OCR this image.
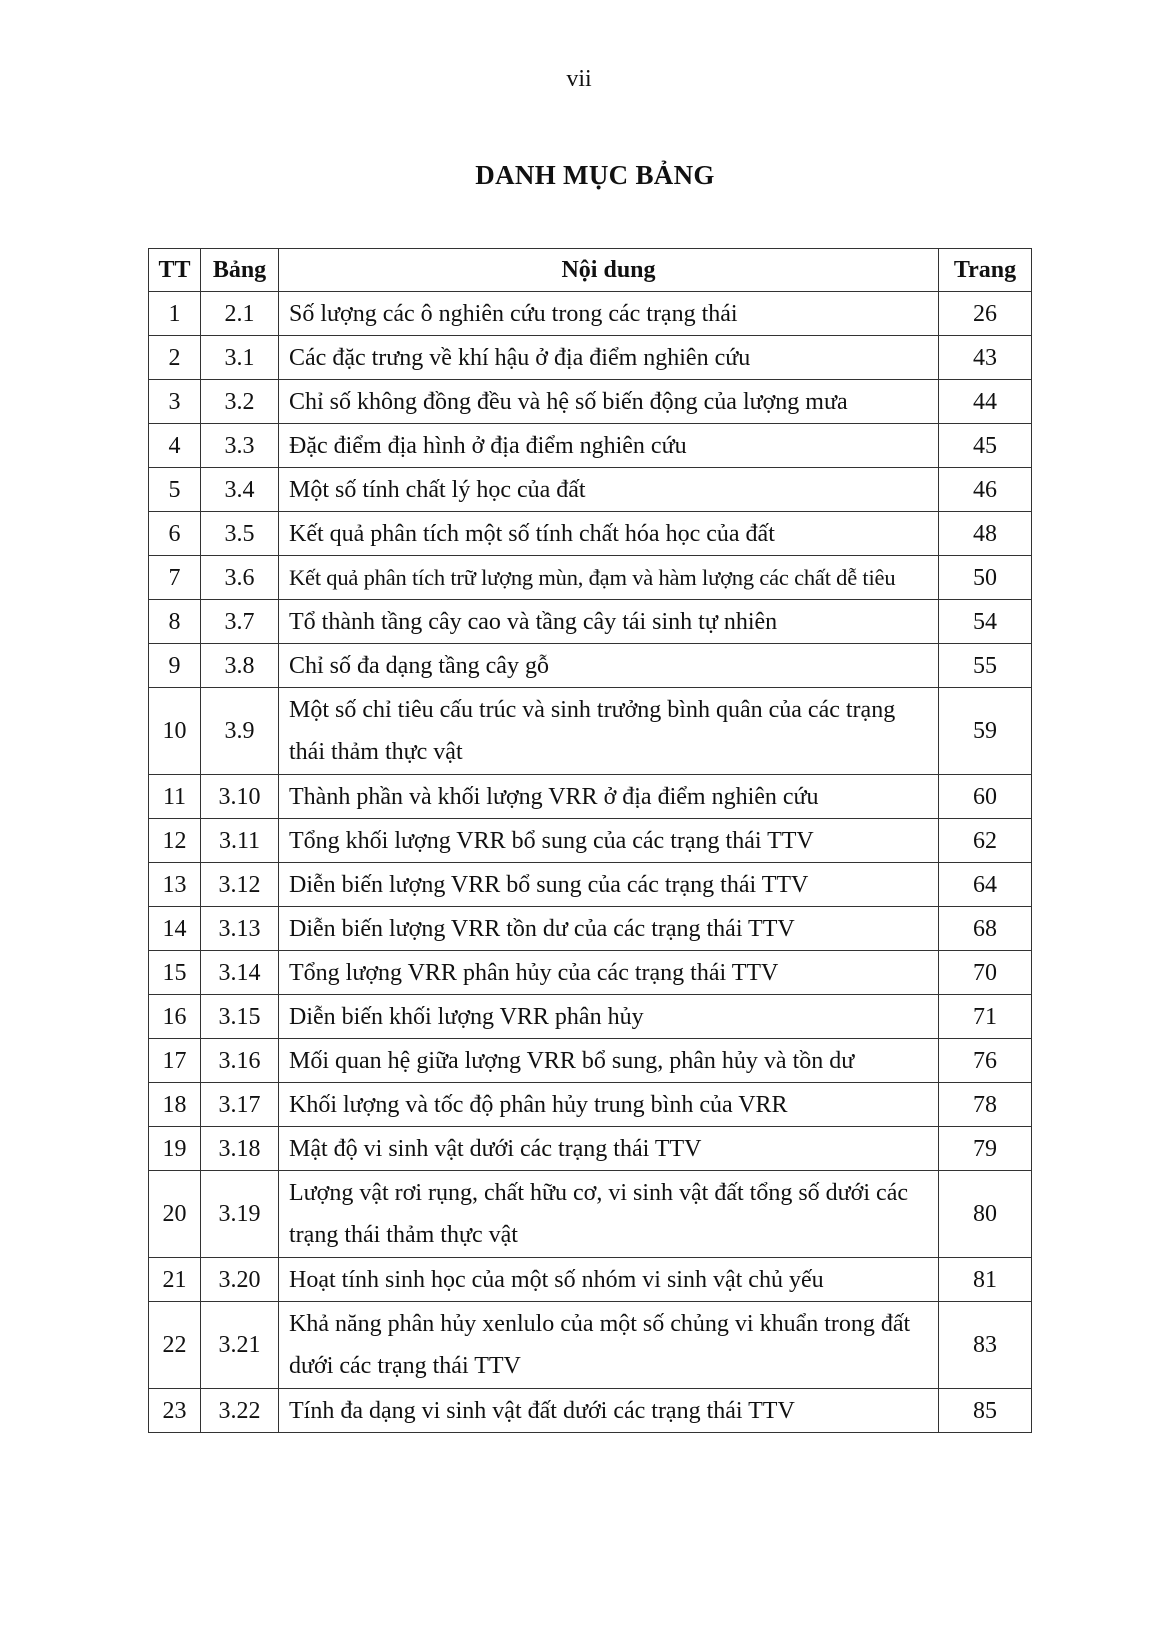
vii
DANH MỤC BẢNG
TT	Bảng	Nội dung	Trang
1	2.1	Số lượng các ô nghiên cứu trong các trạng thái	26
2	3.1	Các đặc trưng về khí hậu ở địa điểm nghiên cứu	43
3	3.2	Chỉ số không đồng đều và hệ số biến động của lượng mưa	44
4	3.3	Đặc điểm địa hình ở địa điểm nghiên cứu	45
5	3.4	Một số tính chất lý học của đất	46
6	3.5	Kết quả phân tích một số tính chất hóa học của đất	48
7	3.6	Kết quả phân tích trữ lượng mùn, đạm và hàm lượng các chất dễ tiêu	50
8	3.7	Tổ thành tầng cây cao và tầng cây tái sinh tự nhiên	54
9	3.8	Chỉ số đa dạng tầng cây gỗ	55
10	3.9	Một số chỉ tiêu cấu trúc và sinh trưởng bình quân của các trạng thái thảm thực vật	59
11	3.10	Thành phần và khối lượng VRR ở địa điểm nghiên cứu	60
12	3.11	Tổng khối lượng VRR bổ sung của các trạng thái TTV	62
13	3.12	Diễn biến lượng VRR bổ sung của các trạng thái TTV	64
14	3.13	Diễn biến lượng VRR tồn dư của các trạng thái TTV	68
15	3.14	Tổng lượng VRR phân hủy của các trạng thái TTV	70
16	3.15	Diễn biến khối lượng VRR phân hủy	71
17	3.16	Mối quan hệ giữa lượng VRR bổ sung, phân hủy và tồn dư	76
18	3.17	Khối lượng và tốc độ phân hủy trung bình của VRR	78
19	3.18	Mật độ vi sinh vật dưới các trạng thái TTV	79
20	3.19	Lượng vật rơi rụng, chất hữu cơ, vi sinh vật đất tổng số dưới các trạng thái thảm thực vật	80
21	3.20	Hoạt tính sinh học của một số nhóm vi sinh vật chủ yếu	81
22	3.21	Khả năng phân hủy xenlulo của một số chủng vi khuẩn trong đất dưới các trạng thái TTV	83
23	3.22	Tính đa dạng vi sinh vật đất dưới các trạng thái TTV	85
